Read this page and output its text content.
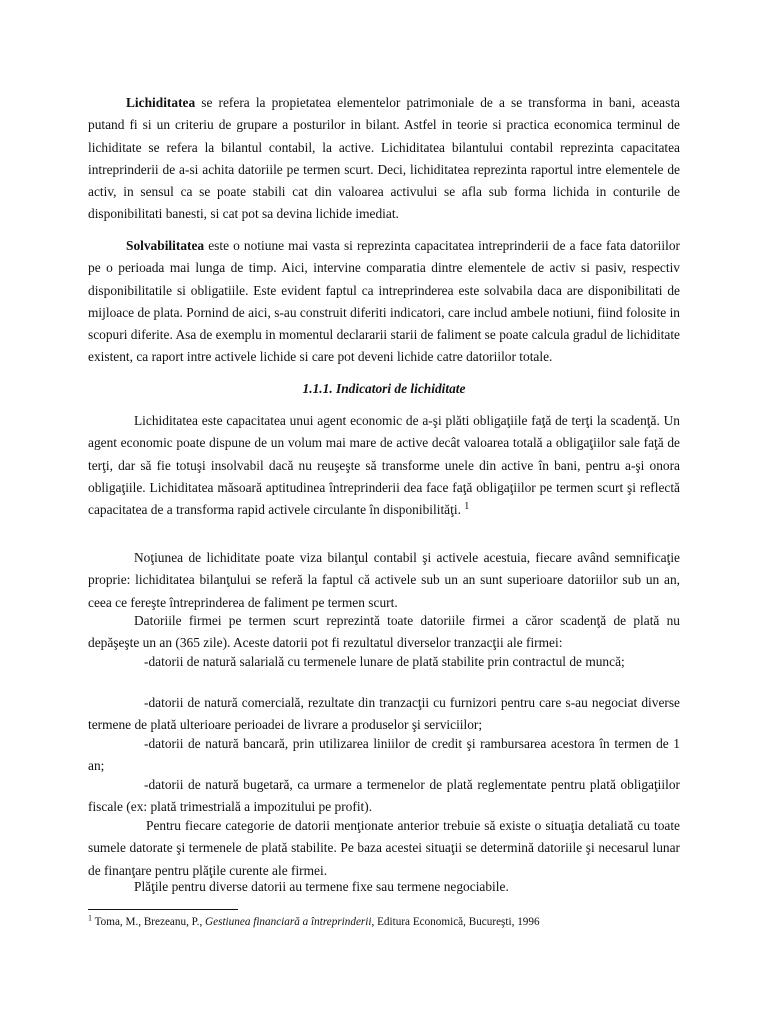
Lichiditatea se refera la propietatea elementelor patrimoniale de a se transforma in bani, aceasta putand fi si un criteriu de grupare a posturilor in bilant. Astfel in teorie si practica economica terminul de lichiditate se refera la bilantul contabil, la active. Lichiditatea bilantului contabil reprezinta capacitatea intreprinderii de a-si achita datoriile pe termen scurt. Deci, lichiditatea reprezinta raportul intre elementele de activ, in sensul ca se poate stabili cat din valoarea activului se afla sub forma lichida in conturile de disponibilitati banesti, si cat pot sa devina lichide imediat.

Solvabilitatea este o notiune mai vasta si reprezinta capacitatea intreprinderii de a face fata datoriilor pe o perioada mai lunga de timp. Aici, intervine comparatia dintre elementele de activ si pasiv, respectiv disponibilitatile si obligatiile. Este evident faptul ca intreprinderea este solvabila daca are disponibilitati de mijloace de plata. Pornind de aici, s-au construit diferiti indicatori, care includ ambele notiuni, fiind folosite in scopuri diferite. Asa de exemplu in momentul declararii starii de faliment se poate calcula gradul de lichiditate existent, ca raport intre activele lichide si care pot deveni lichide catre datoriilor totale.

1.1.1. Indicatori de lichiditate

Lichiditatea este capacitatea unui agent economic de a-şi plăti obligaţiile faţă de terţi la scadenţă. Un agent economic poate dispune de un volum mai mare de active decât valoarea totală a obligaţiilor sale faţă de terţi, dar să fie totuşi insolvabil dacă nu reuşeşte să transforme unele din active în bani, pentru a-şi onora obligaţiile. Lichiditatea măsoară aptitudinea întreprinderii dea face faţă obligaţiilor pe termen scurt şi reflectă capacitatea de a transforma rapid activele circulante în disponibilităţi. $^1$

Noţiunea de lichiditate poate viza bilanţul contabil şi activele acestuia, fiecare având semnificaţie proprie: lichiditatea bilanţului se referă la faptul că activele sub un an sunt superioare datoriilor sub un an, ceea ce fereşte întreprinderea de faliment pe termen scurt.

Datoriile firmei pe termen scurt reprezintă toate datoriile firmei a căror scadenţă de plată nu depăşeşte un an (365 zile). Aceste datorii pot fi rezultatul diverselor tranzacţii ale firmei:

-datorii de natură salarială cu termenele lunare de plată stabilite prin contractul de muncă;

-datorii de natură comercială, rezultate din tranzacţii cu furnizori pentru care s-au negociat diverse termene de plată ulterioare perioadei de livrare a produselor şi serviciilor;

-datorii de natură bancară, prin utilizarea liniilor de credit şi rambursarea acestora în termen de 1 an;

-datorii de natură bugetară, ca urmare a termenelor de plată reglementate pentru plată obligaţiilor fiscale (ex: plată trimestrială a impozitului pe profit).

Pentru fiecare categorie de datorii menţionate anterior trebuie să existe o situaţia detaliată cu toate sumele datorate şi termenele de plată stabilite. Pe baza acestei situaţii se determină datoriile şi necesarul lunar de finanţare pentru plăţile curente ale firmei.

Plăţile pentru diverse datorii au termene fixe sau termene negociabile.

$^1$ Toma, M., Brezeanu, P., Gestiunea financiară a întreprinderii, Editura Economică, Bucureşti, 1996
